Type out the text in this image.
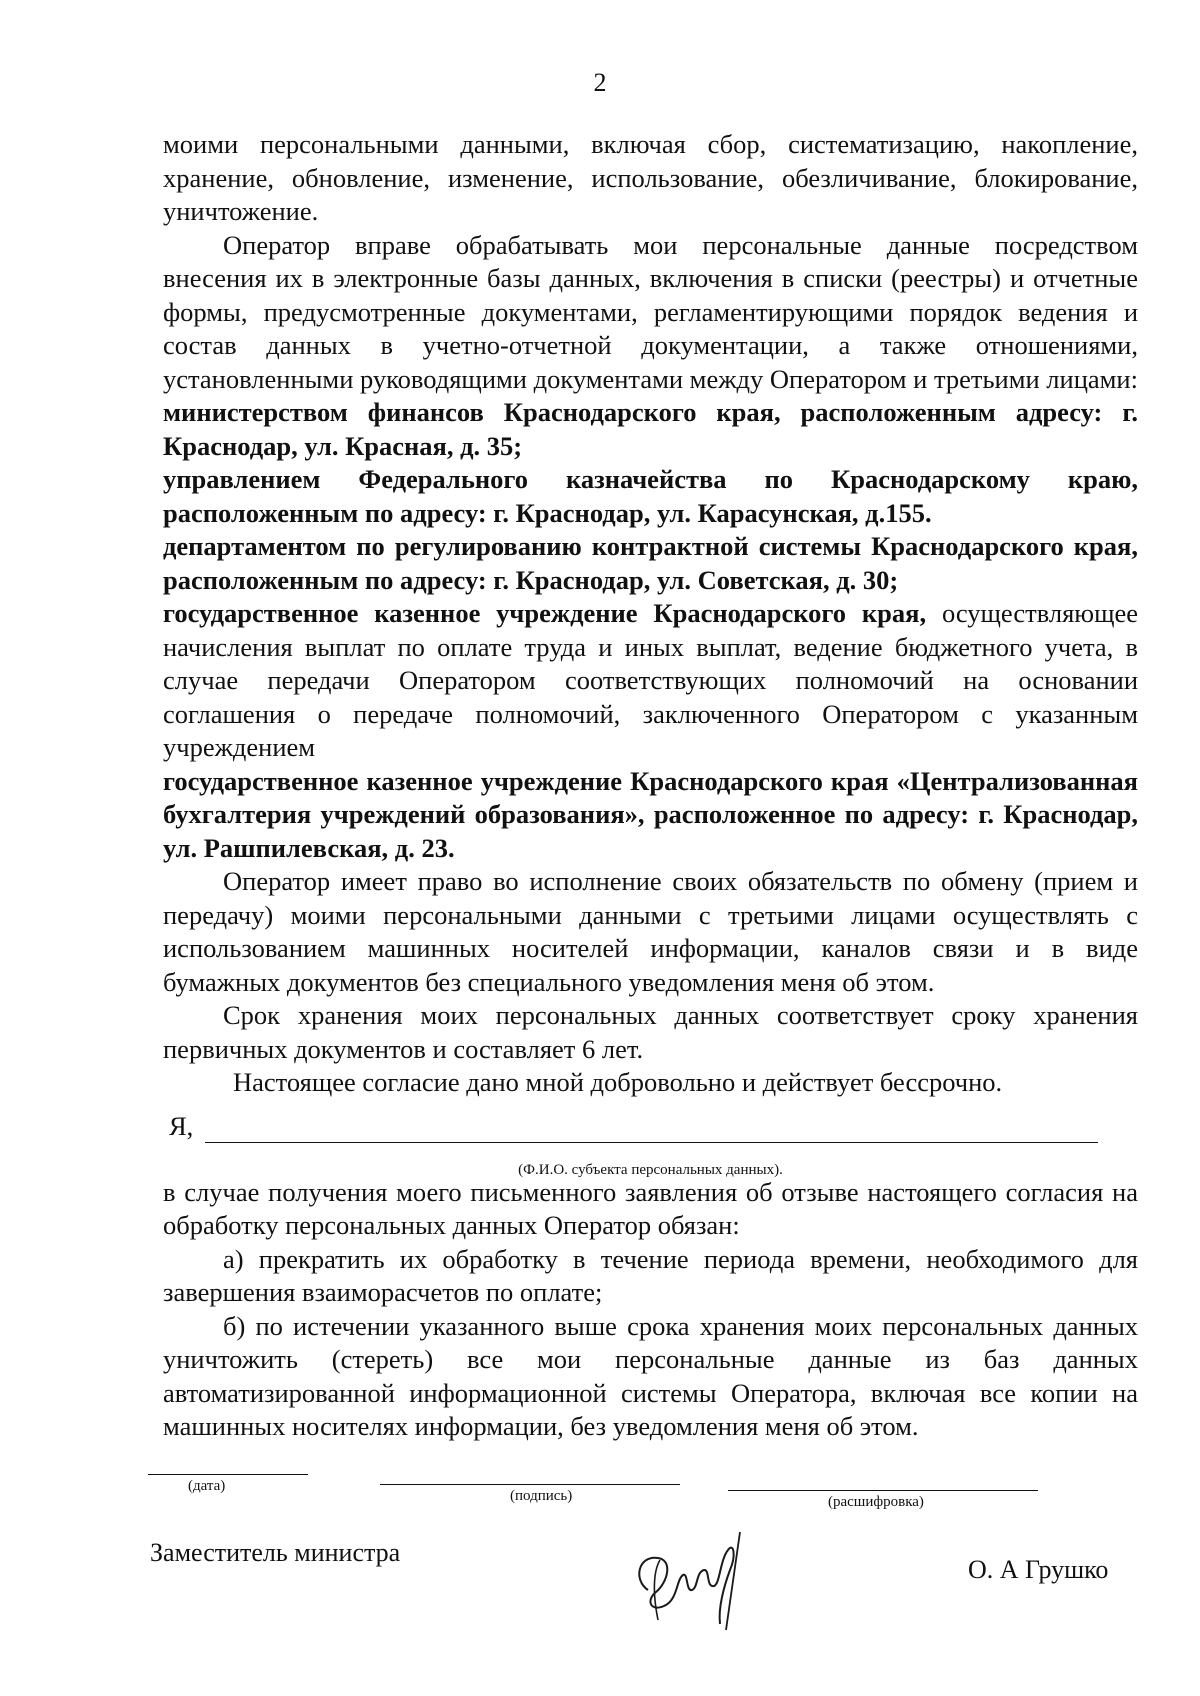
2

моими персональными данными, включая сбор, систематизацию, накопление, хранение, обновление, изменение, использование, обезличивание, блокирование, уничтожение.

Оператор вправе обрабатывать мои персональные данные посредством внесения их в электронные базы данных, включения в списки (реестры) и отчетные формы, предусмотренные документами, регламентирующими порядок ведения и состав данных в учетно-отчетной документации, а также отношениями, установленными руководящими документами между Оператором и третьими лицами:

министерством финансов Краснодарского края, расположенным адресу: г. Краснодар, ул. Красная, д. 35;

управлением Федерального казначейства по Краснодарскому краю, расположенным по адресу: г. Краснодар, ул. Карасунская, д.155.

департаментом по регулированию контрактной системы Краснодарского края, расположенным по адресу: г. Краснодар, ул. Советская, д. 30;

государственное казенное учреждение Краснодарского края, осуществляющее начисления выплат по оплате труда и иных выплат, ведение бюджетного учета, в случае передачи Оператором соответствующих полномочий на основании соглашения о передаче полномочий, заключенного Оператором с указанным учреждением

государственное казенное учреждение Краснодарского края «Централизованная бухгалтерия учреждений образования», расположенное по адресу: г. Краснодар, ул. Рашпилевская, д. 23.

Оператор имеет право во исполнение своих обязательств по обмену (прием и передачу) моими персональными данными с третьими лицами осуществлять с использованием машинных носителей информации, каналов связи и в виде бумажных документов без специального уведомления меня об этом.

Срок хранения моих персональных данных соответствует сроку хранения первичных документов и составляет 6 лет.

Настоящее согласие дано мной добровольно и действует бессрочно.

Я,
(Ф.И.О. субъекта персональных данных).

в случае получения моего письменного заявления об отзыве настоящего согласия на обработку персональных данных Оператор обязан:

а) прекратить их обработку в течение периода времени, необходимого для завершения взаиморасчетов по оплате;

б) по истечении указанного выше срока хранения моих персональных данных уничтожить (стереть) все мои персональные данные из баз данных автоматизированной информационной системы Оператора, включая все копии на машинных носителях информации, без уведомления меня об этом.

(дата)
(подпись)	(расшифровка)
Заместитель министра
О. А Грушко
